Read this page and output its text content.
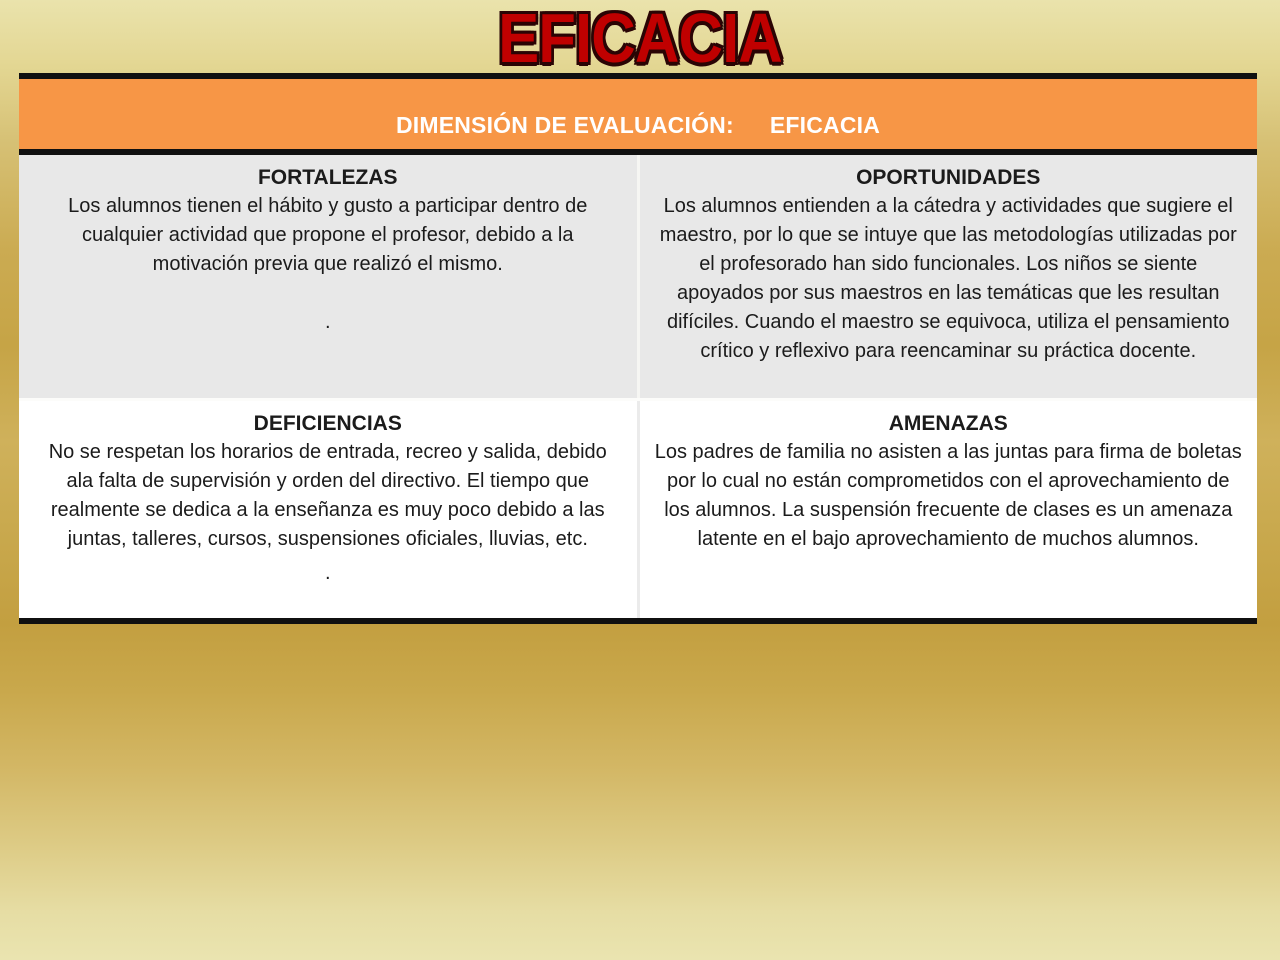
EFICACIA
DIMENSIÓN DE EVALUACIÓN: EFICACIA
FORTALEZAS
Los alumnos tienen el hábito y gusto a participar dentro de cualquier actividad que propone el profesor, debido a la motivación previa que realizó el mismo.
.
OPORTUNIDADES
Los alumnos entienden a la cátedra y actividades que sugiere el maestro, por lo que se intuye que las metodologías utilizadas por el profesorado han sido funcionales. Los niños se siente apoyados por sus maestros en las temáticas que les resultan difíciles. Cuando el maestro se equivoca, utiliza el pensamiento crítico y reflexivo para reencaminar su práctica docente.
DEFICIENCIAS
No se respetan los horarios de entrada, recreo y salida, debido ala falta de supervisión y orden del directivo. El tiempo que realmente se dedica a la enseñanza es muy poco debido a las juntas, talleres, cursos, suspensiones oficiales, lluvias, etc.
.
AMENAZAS
Los padres de familia no asisten a las juntas para firma de boletas por lo cual no están comprometidos con el aprovechamiento de los alumnos. La suspensión frecuente de clases es un amenaza latente en el bajo aprovechamiento de muchos alumnos.
